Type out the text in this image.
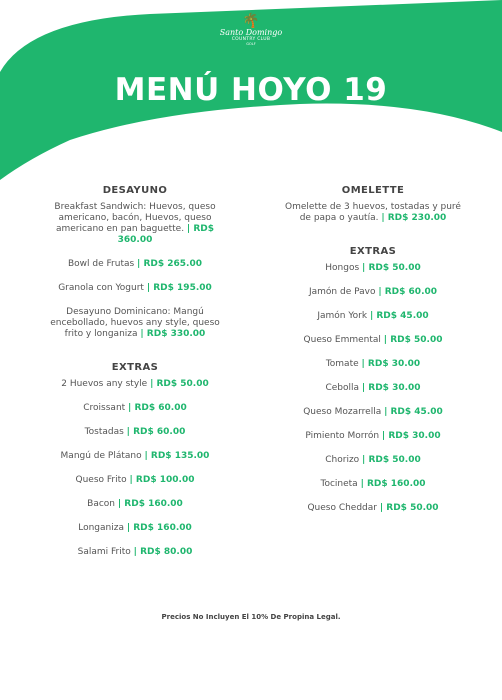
🌴
Santo Domingo
COUNTRY CLUB
GOLF
MENÚ HOYO 19
DESAYUNO

Breakfast Sandwich: Huevos, queso americano, bacón, Huevos, queso americano en pan baguette. | RD$ 360.00

Bowl de Frutas | RD$ 265.00

Granola con Yogurt | RD$ 195.00

Desayuno Dominicano: Mangú encebollado, huevos any style, queso frito y longaniza | RD$ 330.00

EXTRAS

2 Huevos any style | RD$ 50.00

Croissant | RD$ 60.00

Tostadas | RD$ 60.00

Mangú de Plátano | RD$ 135.00

Queso Frito | RD$ 100.00

Bacon | RD$ 160.00

Longaniza | RD$ 160.00

Salami Frito | RD$ 80.00

OMELETTE

Omelette de 3 huevos, tostadas y puré de papa o yautía. | RD$ 230.00

EXTRAS

Hongos | RD$ 50.00

Jamón de Pavo | RD$ 60.00

Jamón York | RD$ 45.00

Queso Emmental | RD$ 50.00

Tomate | RD$ 30.00

Cebolla | RD$ 30.00

Queso Mozarrella | RD$ 45.00

Pimiento Morrón | RD$ 30.00

Chorizo | RD$ 50.00

Tocineta | RD$ 160.00

Queso Cheddar | RD$ 50.00

Precios No Incluyen El 10% De Propina Legal.
